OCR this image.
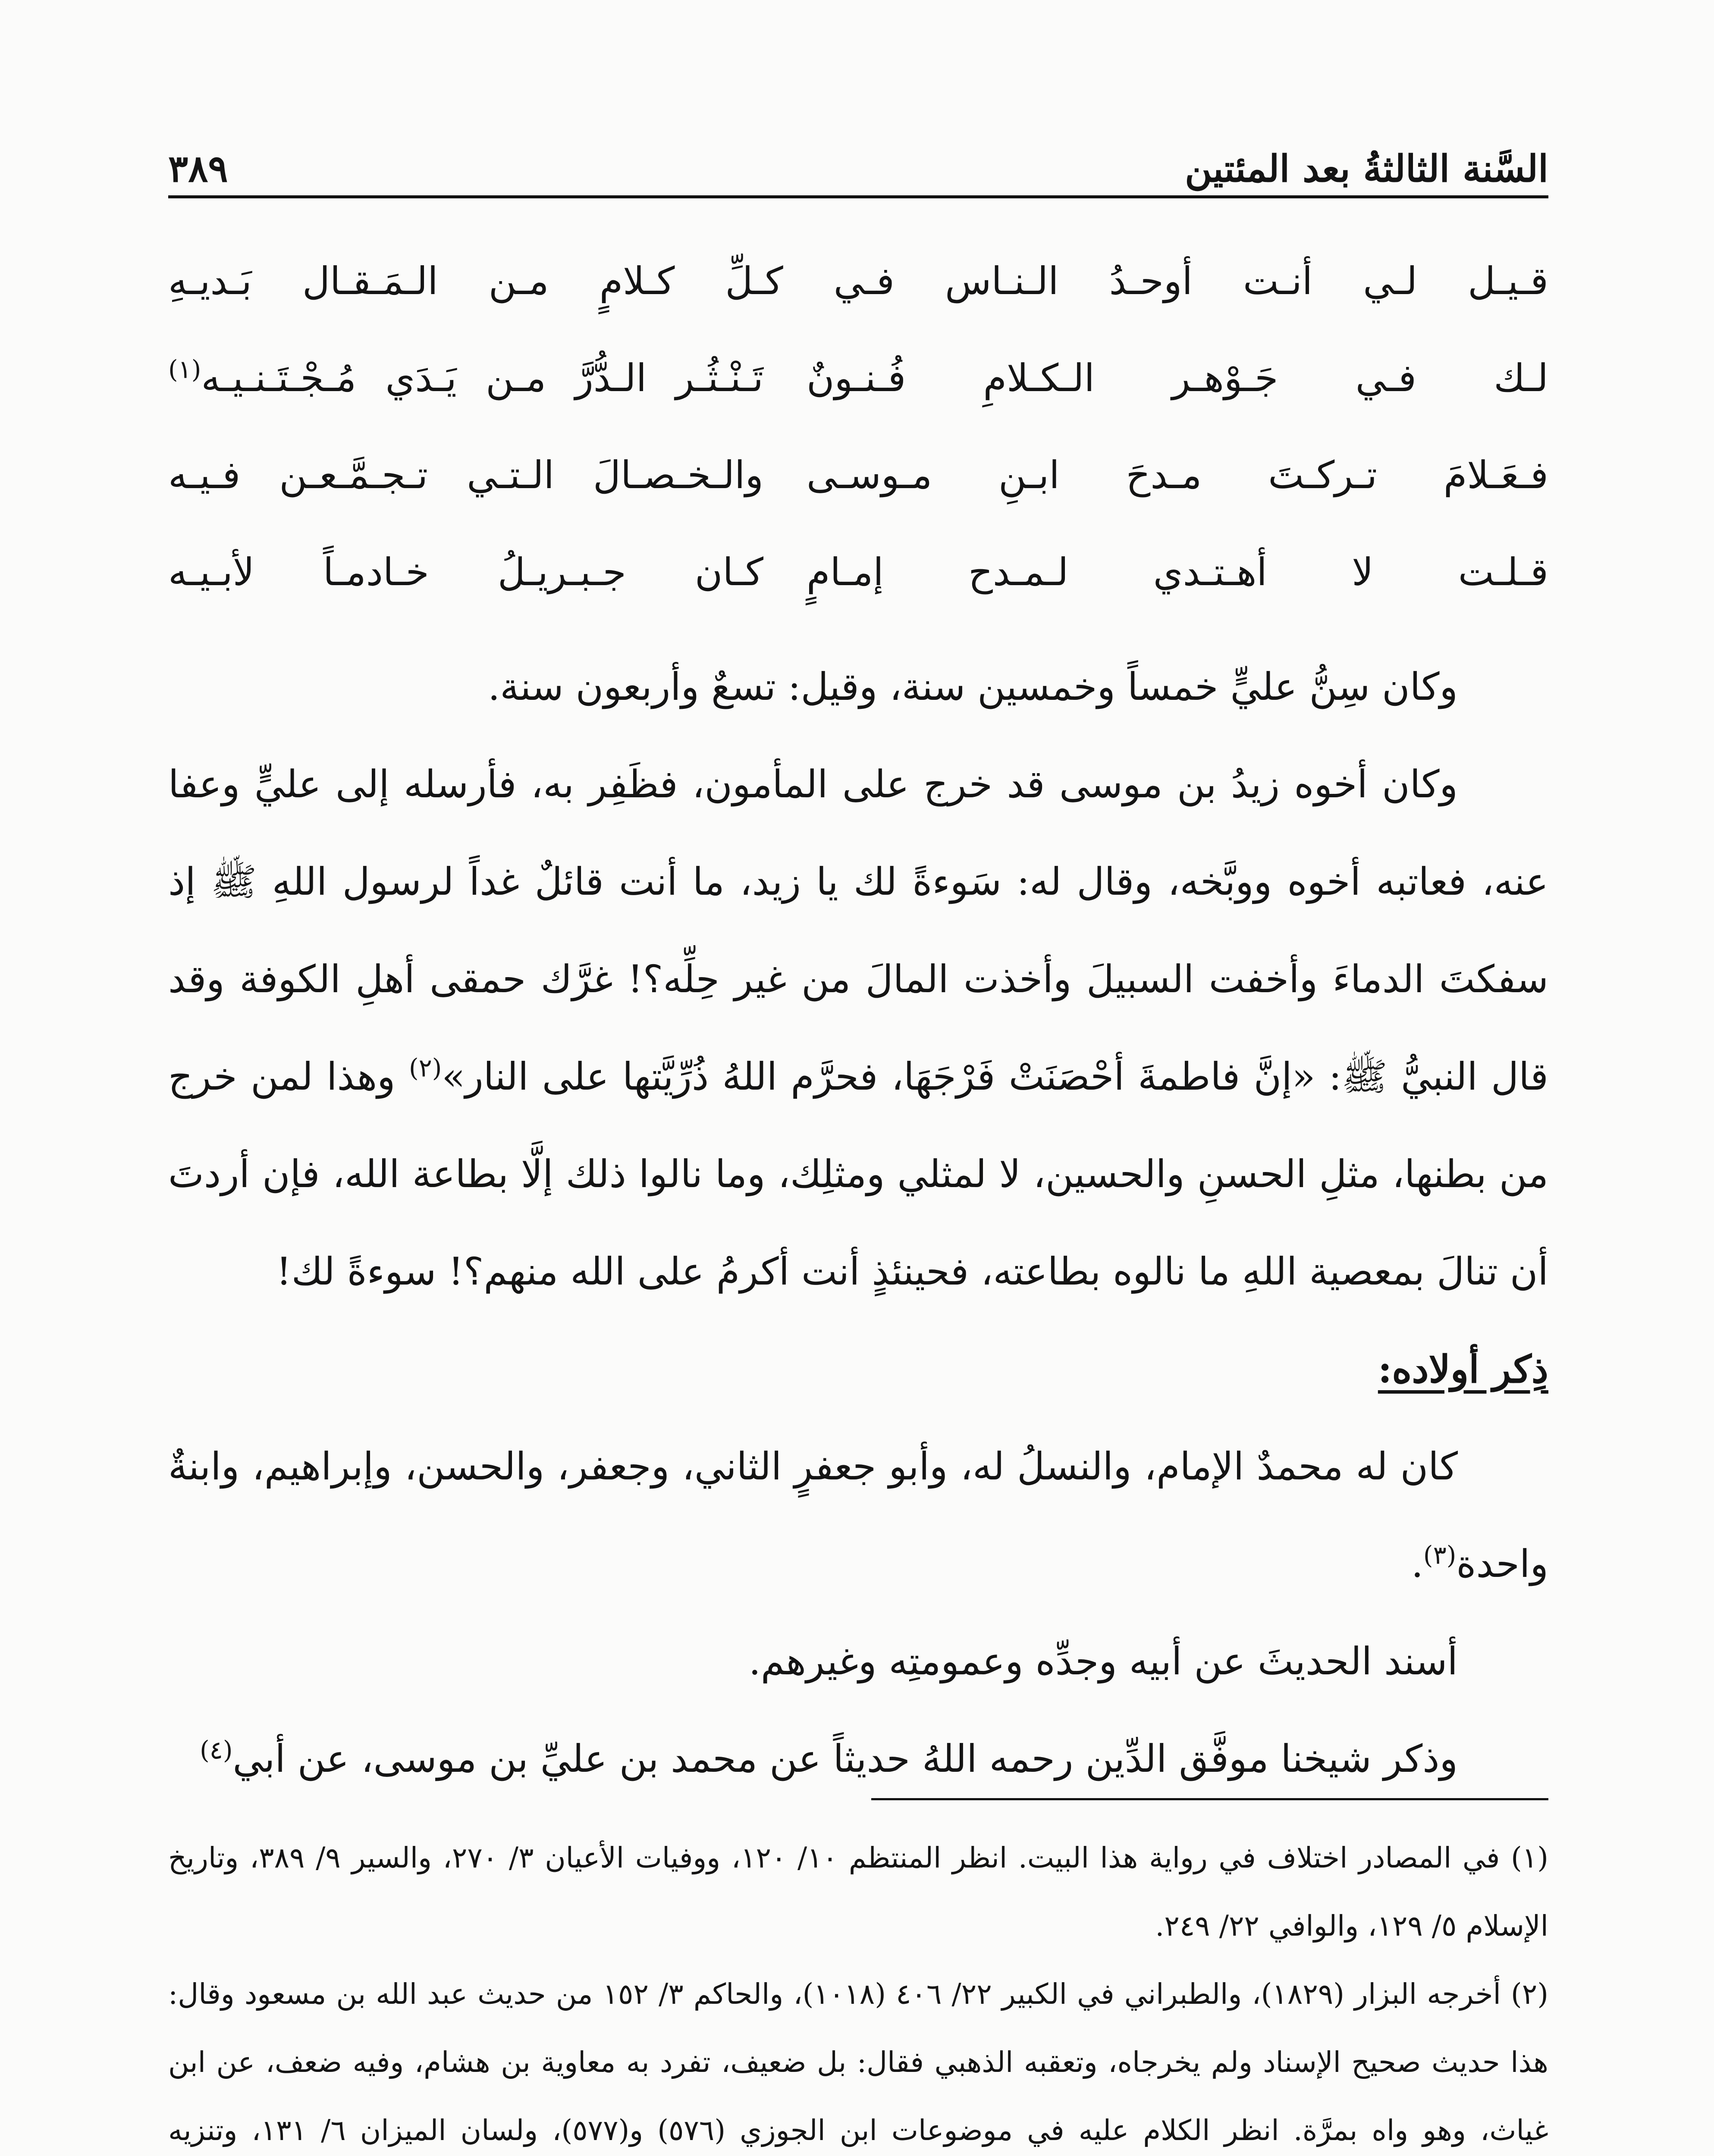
السَّنة الثالثةُ بعد المئتين
٣٨٩
قـيـل لـي أنـت أوحـدُ الـنـاس فـي كـلِّ كـلامٍ مـن الـمَـقـال بَـديـهِ
لـك فـي جَـوْهـر الـكـلامِ فُـنـونٌ
تَـنْـثُـر الـدُّرَّ مـن يَـدَي مُـجْـتَـنـيـه$^{(١)}$
فـعَـلامَ تـركـتَ مـدحَ ابـنِ مـوسـى
والـخـصـالَ الـتـي تـجـمَّـعـن فـيـه
قـلـت لا أهـتـدي لـمـدح إمـامٍ
كـان جـبـريـلُ خـادمـاً لأبـيـه

وكان سِنُّ عليٍّ خمساً وخمسين سنة، وقيل: تسعٌ وأربعون سنة.

وكان أخوه زيدُ بن موسى قد خرج على المأمون، فظَفِر به، فأرسله إلى عليٍّ وعفا عنه، فعاتبه أخوه ووبَّخه، وقال له: سَوءةً لك يا زيد، ما أنت قائلٌ غداً لرسول اللهِ ﷺ إذ سفكتَ الدماءَ وأخفت السبيلَ وأخذت المالَ من غير حِلِّه؟! غرَّك حمقى أهلِ الكوفة وقد قال النبيُّ ﷺ: «إنَّ فاطمةَ أحْصَنَتْ فَرْجَهَا، فحرَّم اللهُ ذُرِّيَّتها على النار»$^{(٢)}$ وهذا لمن خرج من بطنها، مثلِ الحسنِ والحسين، لا لمثلي ومثلِك، وما نالوا ذلك إلَّا بطاعة الله، فإن أردتَ أن تنالَ بمعصية اللهِ ما نالوه بطاعته، فحينئذٍ أنت أكرمُ على الله منهم؟! سوءةً لك!

ذِكر أولاده:

كان له محمدٌ الإمام، والنسلُ له، وأبو جعفرٍ الثاني، وجعفر، والحسن، وإبراهيم، وابنةٌ واحدة$^{(٣)}$.

أسند الحديثَ عن أبيه وجدِّه وعمومتِه وغيرهم.

وذكر شيخنا موفَّق الدِّين رحمه اللهُ حديثاً عن محمد بن عليِّ بن موسى، عن أبي$^{(٤)}$

(١) في المصادر اختلاف في رواية هذا البيت. انظر المنتظم ١٠/ ١٢٠، ووفيات الأعيان ٣/ ٢٧٠، والسير ٩/ ٣٨٩، وتاريخ الإسلام ٥/ ١٢٩، والوافي ٢٢/ ٢٤٩.

(٢) أخرجه البزار (١٨٢٩)، والطبراني في الكبير ٢٢/ ٤٠٦ (١٠١٨)، والحاكم ٣/ ١٥٢ من حديث عبد الله بن مسعود وقال: هذا حديث صحيح الإسناد ولم يخرجاه، وتعقبه الذهبي فقال: بل ضعيف، تفرد به معاوية بن هشام، وفيه ضعف، عن ابن غياث، وهو واه بمرَّة. انظر الكلام عليه في موضوعات ابن الجوزي (٥٧٦) و(٥٧٧)، ولسان الميزان ٦/ ١٣١، وتنزيه
